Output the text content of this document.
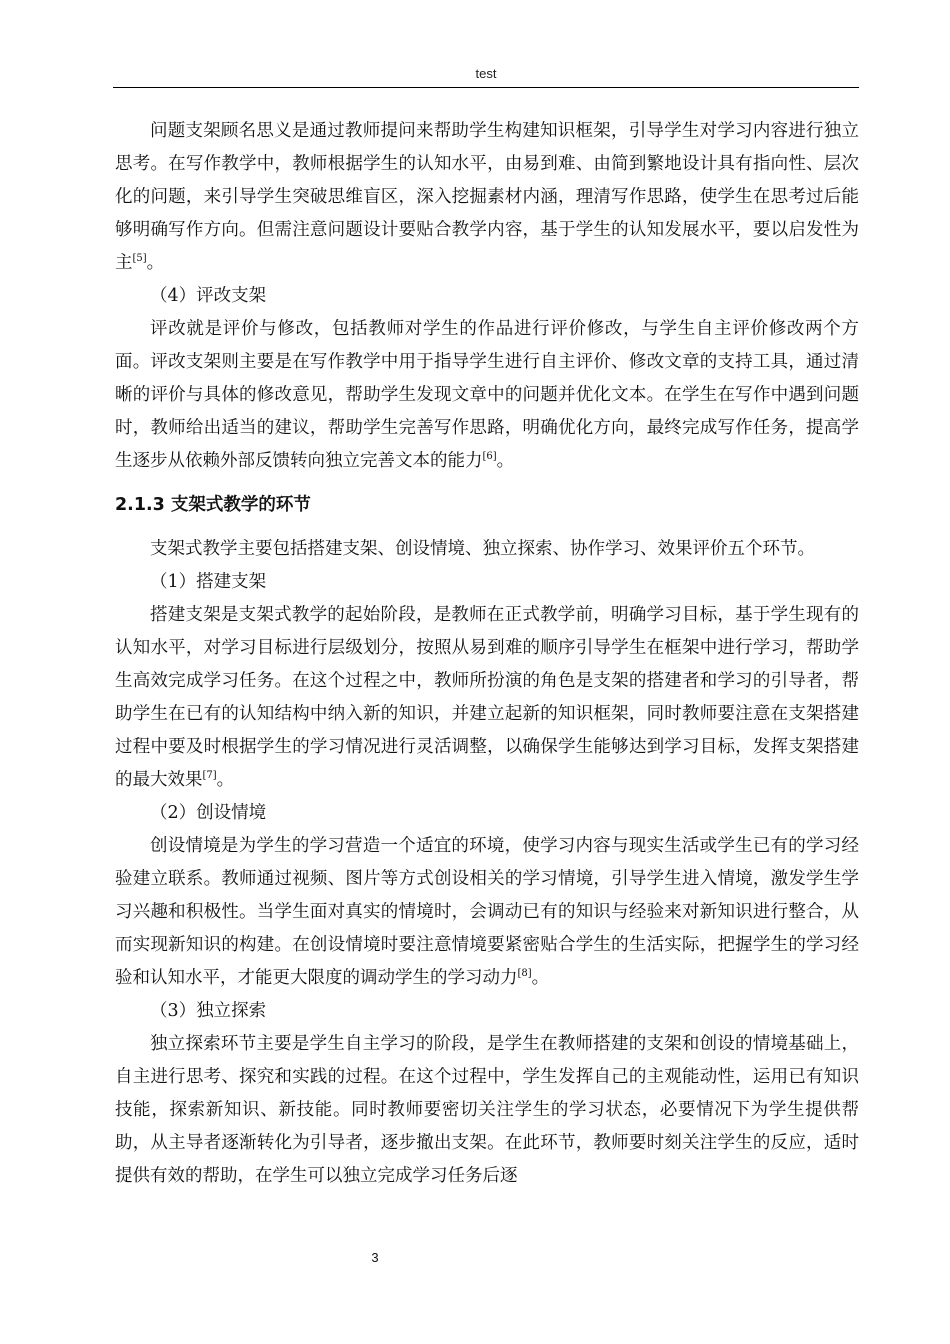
test

问题支架顾名思义是通过教师提问来帮助学生构建知识框架，引导学生对学习内容进行独立思考。在写作教学中，教师根据学生的认知水平，由易到难、由简到繁地设计具有指向性、层次化的问题，来引导学生突破思维盲区，深入挖掘素材内涵，理清写作思路，使学生在思考过后能够明确写作方向。但需注意问题设计要贴合教学内容，基于学生的认知发展水平，要以启发性为主[5]。

（4）评改支架

评改就是评价与修改，包括教师对学生的作品进行评价修改，与学生自主评价修改两个方面。评改支架则主要是在写作教学中用于指导学生进行自主评价、修改文章的支持工具，通过清晰的评价与具体的修改意见，帮助学生发现文章中的问题并优化文本。在学生在写作中遇到问题时，教师给出适当的建议，帮助学生完善写作思路，明确优化方向，最终完成写作任务，提高学生逐步从依赖外部反馈转向独立完善文本的能力[6]。

2.1.3 支架式教学的环节

支架式教学主要包括搭建支架、创设情境、独立探索、协作学习、效果评价五个环节。

（1）搭建支架

搭建支架是支架式教学的起始阶段，是教师在正式教学前，明确学习目标，基于学生现有的认知水平，对学习目标进行层级划分，按照从易到难的顺序引导学生在框架中进行学习，帮助学生高效完成学习任务。在这个过程之中，教师所扮演的角色是支架的搭建者和学习的引导者，帮助学生在已有的认知结构中纳入新的知识，并建立起新的知识框架，同时教师要注意在支架搭建过程中要及时根据学生的学习情况进行灵活调整，以确保学生能够达到学习目标，发挥支架搭建的最大效果[7]。

（2）创设情境

创设情境是为学生的学习营造一个适宜的环境，使学习内容与现实生活或学生已有的学习经验建立联系。教师通过视频、图片等方式创设相关的学习情境，引导学生进入情境，激发学生学习兴趣和积极性。当学生面对真实的情境时，会调动已有的知识与经验来对新知识进行整合，从而实现新知识的构建。在创设情境时要注意情境要紧密贴合学生的生活实际，把握学生的学习经验和认知水平，才能更大限度的调动学生的学习动力[8]。

（3）独立探索

独立探索环节主要是学生自主学习的阶段，是学生在教师搭建的支架和创设的情境基础上，自主进行思考、探究和实践的过程。在这个过程中，学生发挥自己的主观能动性，运用已有知识技能，探索新知识、新技能。同时教师要密切关注学生的学习状态，必要情况下为学生提供帮助，从主导者逐渐转化为引导者，逐步撤出支架。在此环节，教师要时刻关注学生的反应，适时提供有效的帮助，在学生可以独立完成学习任务后逐

3
